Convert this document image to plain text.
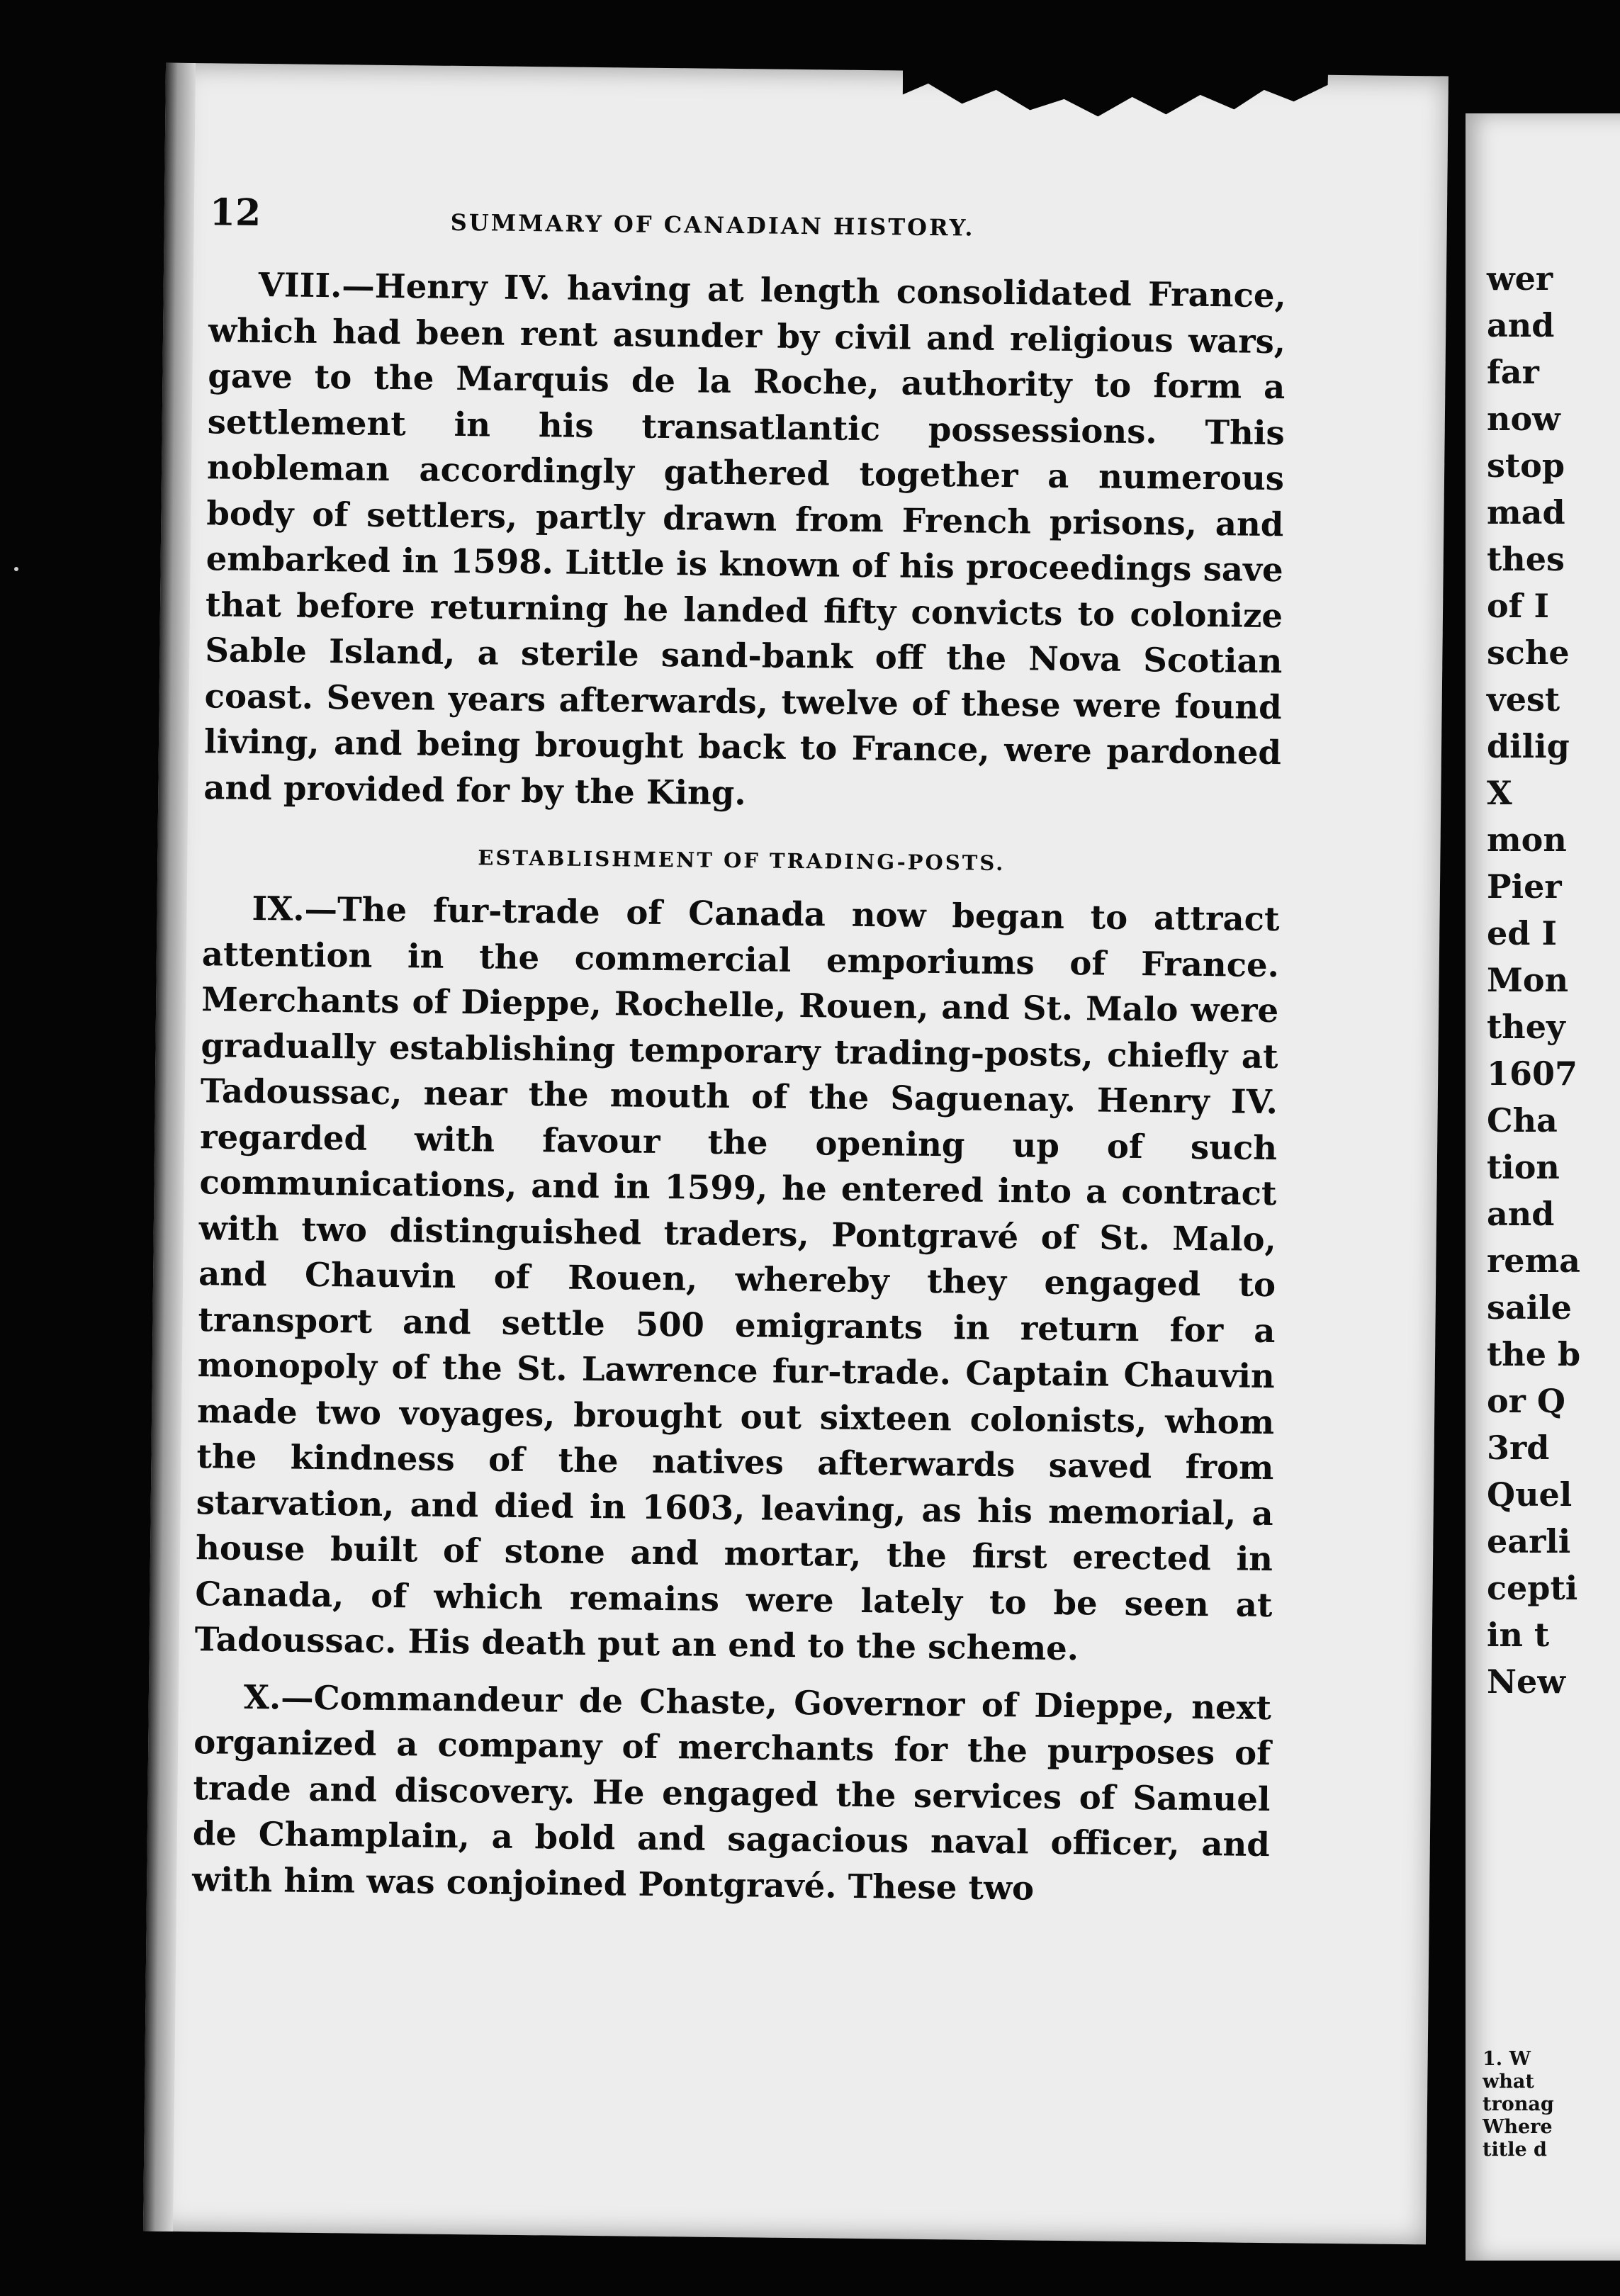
12	SUMMARY OF CANADIAN HISTORY.

VIII.—Henry IV. having at length consolidated France, which had been rent asunder by civil and religious wars, gave to the Marquis de la Roche, authority to form a settlement in his transatlantic possessions. This nobleman accordingly gathered together a numerous body of settlers, partly drawn from French prisons, and embarked in 1598. Little is known of his proceedings save that before returning he landed fifty convicts to colonize Sable Island, a sterile sand-bank off the Nova Scotian coast. Seven years afterwards, twelve of these were found living, and being brought back to France, were pardoned and provided for by the King.

ESTABLISHMENT OF TRADING-POSTS.

IX.—The fur-trade of Canada now began to attract attention in the commercial emporiums of France. Merchants of Dieppe, Rochelle, Rouen, and St. Malo were gradually establishing temporary trading-posts, chiefly at Tadoussac, near the mouth of the Saguenay. Henry IV. regarded with favour the opening up of such communications, and in 1599, he entered into a contract with two distinguished traders, Pontgravé of St. Malo, and Chauvin of Rouen, whereby they engaged to transport and settle 500 emigrants in return for a monopoly of the St. Lawrence fur-trade. Captain Chauvin made two voyages, brought out sixteen colonists, whom the kindness of the natives afterwards saved from starvation, and died in 1603, leaving, as his memorial, a house built of stone and mortar, the first erected in Canada, of which remains were lately to be seen at Tadoussac. His death put an end to the scheme.

X.—Commandeur de Chaste, Governor of Dieppe, next organized a company of merchants for the purposes of trade and discovery. He engaged the services of Samuel de Champlain, a bold and sagacious naval officer, and with him was conjoined Pontgravé. These two

wer
and
far
now
stop
mad
thes
of I
sche
vest
dilig
X
mon
Pier
ed I
Mon
they
1607
Cha
tion
and
rema
saile
the b
or Q
3rd
Quel
earli
cepti
in t
New
1. W
what
tronag
Where
title d
